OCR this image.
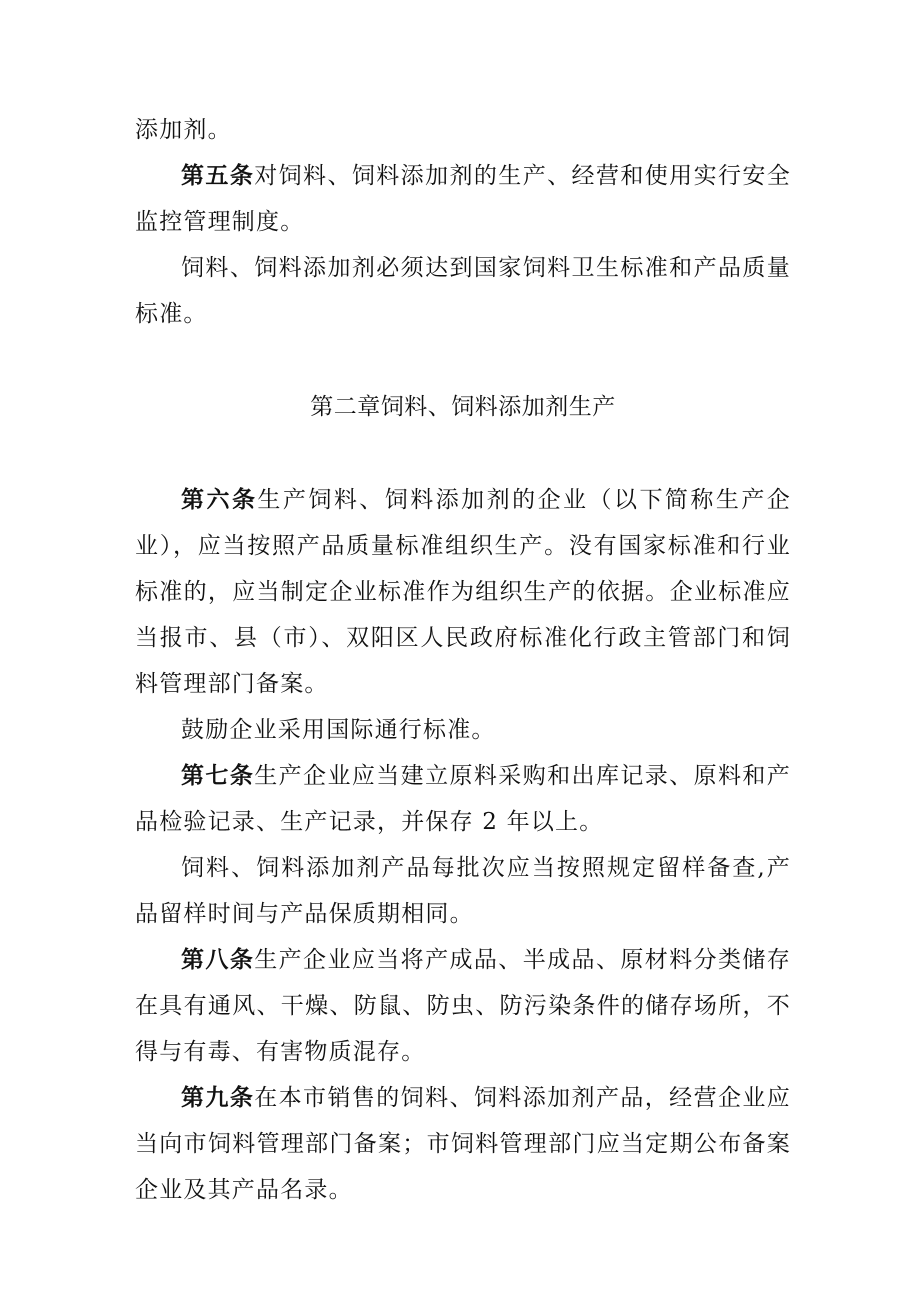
添加剂。

第五条对饲料、饲料添加剂的生产、经营和使用实行安全监控管理制度。

饲料、饲料添加剂必须达到国家饲料卫生标准和产品质量标准。

第二章饲料、饲料添加剂生产

第六条生产饲料、饲料添加剂的企业（以下简称生产企业），应当按照产品质量标准组织生产。没有国家标准和行业标准的，应当制定企业标准作为组织生产的依据。企业标准应当报市、县（市）、双阳区人民政府标准化行政主管部门和饲料管理部门备案。

鼓励企业采用国际通行标准。

第七条生产企业应当建立原料采购和出库记录、原料和产品检验记录、生产记录，并保存 2 年以上。

饲料、饲料添加剂产品每批次应当按照规定留样备查,产品留样时间与产品保质期相同。

第八条生产企业应当将产成品、半成品、原材料分类储存在具有通风、干燥、防鼠、防虫、防污染条件的储存场所，不得与有毒、有害物质混存。

第九条在本市销售的饲料、饲料添加剂产品，经营企业应当向市饲料管理部门备案；市饲料管理部门应当定期公布备案企业及其产品名录。
